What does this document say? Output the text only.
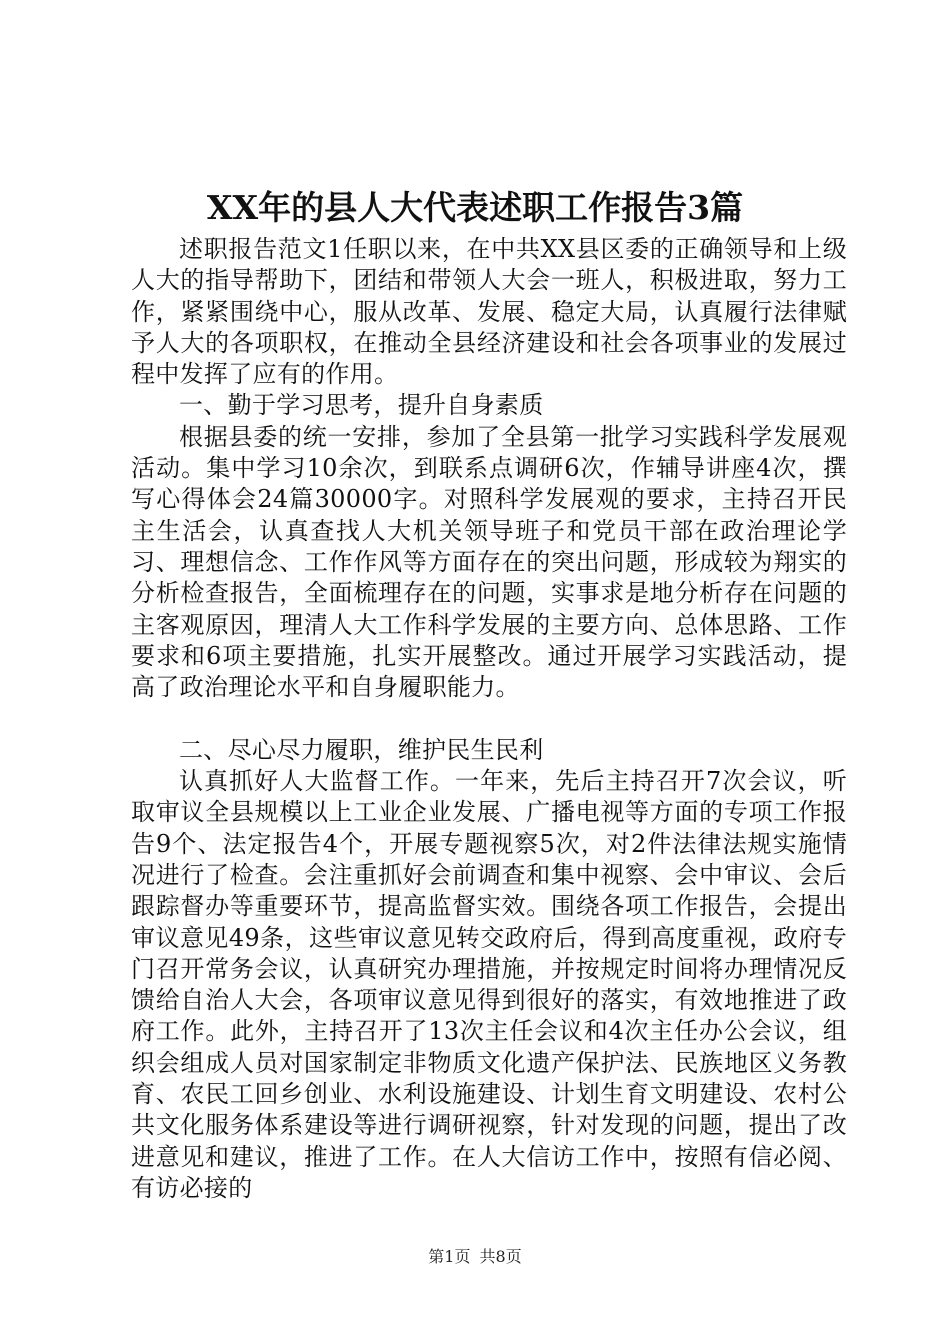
XX年的县人大代表述职工作报告3篇

述职报告范文1任职以来，在中共XX县区委的正确领导和上级人大的指导帮助下，团结和带领人大会一班人，积极进取，努力工作，紧紧围绕中心，服从改革、发展、稳定大局，认真履行法律赋予人大的各项职权，在推动全县经济建设和社会各项事业的发展过程中发挥了应有的作用。

一、勤于学习思考，提升自身素质

根据县委的统一安排，参加了全县第一批学习实践科学发展观活动。集中学习10余次，到联系点调研6次，作辅导讲座4次，撰写心得体会24篇30000字。对照科学发展观的要求，主持召开民主生活会，认真查找人大机关领导班子和党员干部在政治理论学习、理想信念、工作作风等方面存在的突出问题，形成较为翔实的分析检查报告，全面梳理存在的问题，实事求是地分析存在问题的主客观原因，理清人大工作科学发展的主要方向、总体思路、工作要求和6项主要措施，扎实开展整改。通过开展学习实践活动，提高了政治理论水平和自身履职能力。

二、尽心尽力履职，维护民生民利

认真抓好人大监督工作。一年来，先后主持召开7次会议，听取审议全县规模以上工业企业发展、广播电视等方面的专项工作报告9个、法定报告4个，开展专题视察5次，对2件法律法规实施情况进行了检查。会注重抓好会前调查和集中视察、会中审议、会后跟踪督办等重要环节，提高监督实效。围绕各项工作报告，会提出审议意见49条，这些审议意见转交政府后，得到高度重视，政府专门召开常务会议，认真研究办理措施，并按规定时间将办理情况反馈给自治人大会，各项审议意见得到很好的落实，有效地推进了政府工作。此外，主持召开了13次主任会议和4次主任办公会议，组织会组成人员对国家制定非物质文化遗产保护法、民族地区义务教育、农民工回乡创业、水利设施建设、计划生育文明建设、农村公共文化服务体系建设等进行调研视察，针对发现的问题，提出了改进意见和建议，推进了工作。在人大信访工作中，按照有信必阅、有访必接的

第1页 共8页
